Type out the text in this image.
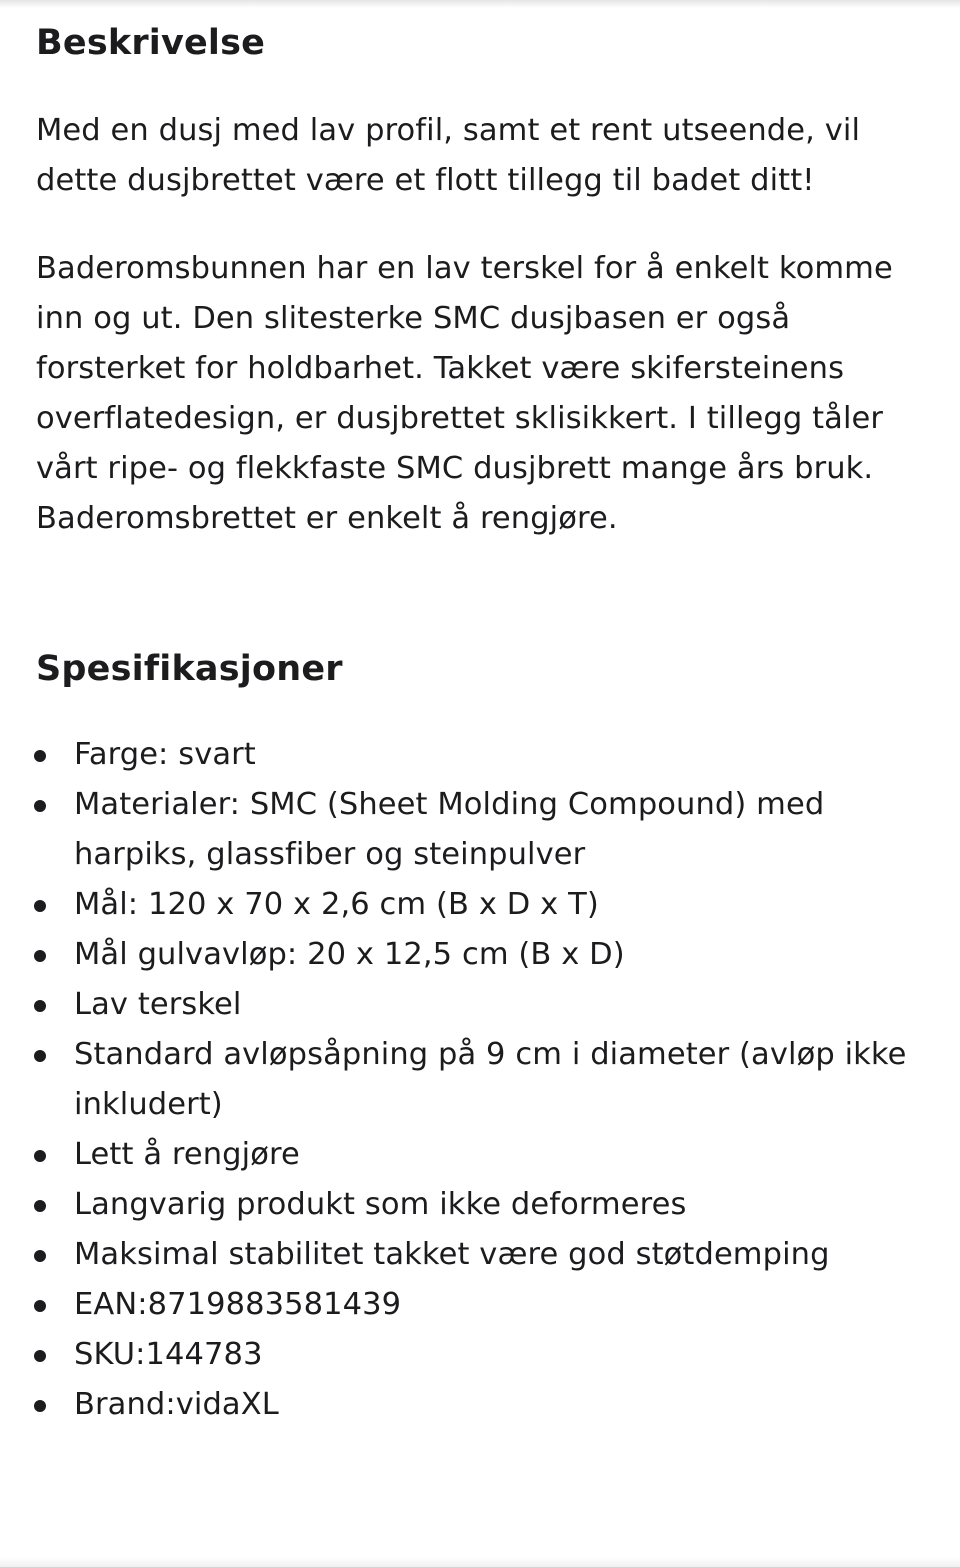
Beskrivelse

Med en dusj med lav profil, samt et rent utseende, vil dette dusjbrettet være et flott tillegg til badet ditt!

Baderomsbunnen har en lav terskel for å enkelt komme inn og ut. Den slitesterke SMC dusjbasen er også forsterket for holdbarhet. Takket være skifersteinens overflatedesign, er dusjbrettet sklisikkert. I tillegg tåler vårt ripe- og flekkfaste SMC dusjbrett mange års bruk. Baderomsbrettet er enkelt å rengjøre.

Spesifikasjoner
Farge: svart
Materialer: SMC (Sheet Molding Compound) med harpiks, glassfiber og steinpulver
Mål: 120 x 70 x 2,6 cm (B x D x T)
Mål gulvavløp: 20 x 12,5 cm (B x D)
Lav terskel
Standard avløpsåpning på 9 cm i diameter (avløp ikke inkludert)
Lett å rengjøre
Langvarig produkt som ikke deformeres
Maksimal stabilitet takket være god støtdemping
EAN:8719883581439
SKU:144783
Brand:vidaXL
